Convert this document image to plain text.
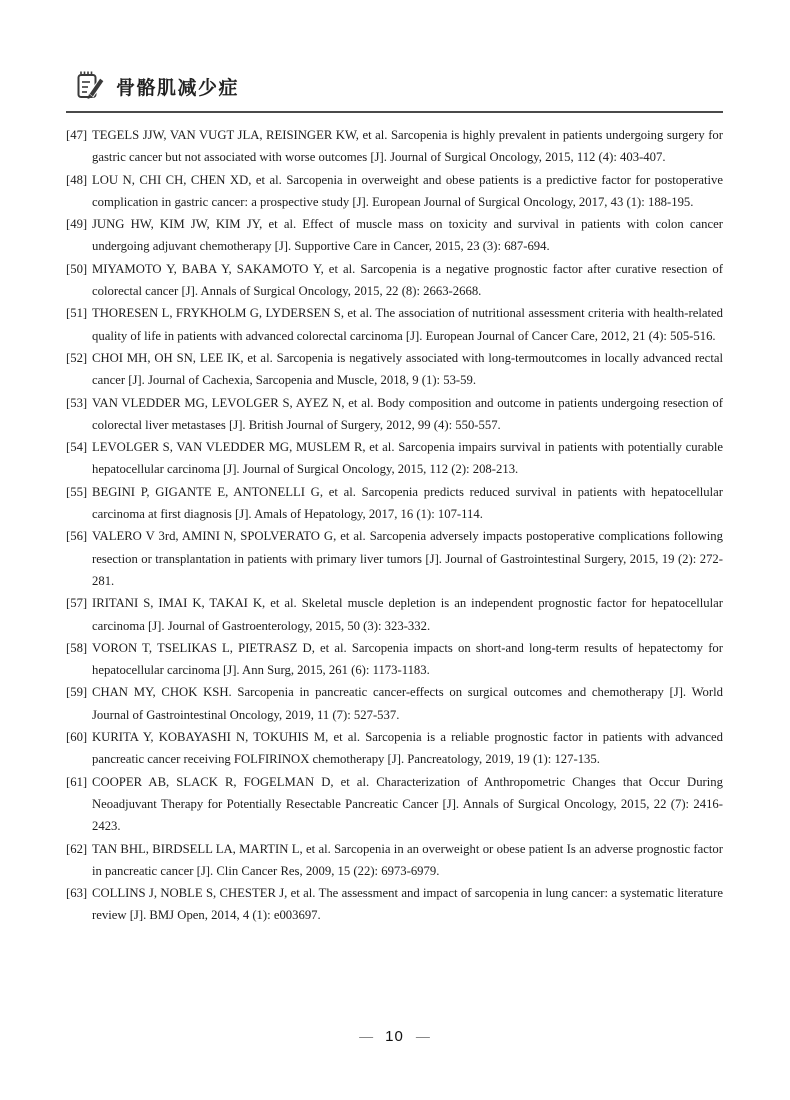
骨骼肌减少症
[47] TEGELS JJW, VAN VUGT JLA, REISINGER KW, et al. Sarcopenia is highly prevalent in patients undergoing surgery for gastric cancer but not associated with worse outcomes [J]. Journal of Surgical Oncology, 2015, 112 (4): 403-407.

[48] LOU N, CHI CH, CHEN XD, et al. Sarcopenia in overweight and obese patients is a predictive factor for postoperative complication in gastric cancer: a prospective study [J]. European Journal of Surgical Oncology, 2017, 43 (1): 188-195.

[49] JUNG HW, KIM JW, KIM JY, et al. Effect of muscle mass on toxicity and survival in patients with colon cancer undergoing adjuvant chemotherapy [J]. Supportive Care in Cancer, 2015, 23 (3): 687-694.

[50] MIYAMOTO Y, BABA Y, SAKAMOTO Y, et al. Sarcopenia is a negative prognostic factor after curative resection of colorectal cancer [J]. Annals of Surgical Oncology, 2015, 22 (8): 2663-2668.

[51] THORESEN L, FRYKHOLM G, LYDERSEN S, et al. The association of nutritional assessment criteria with health-related quality of life in patients with advanced colorectal carcinoma [J]. European Journal of Cancer Care, 2012, 21 (4): 505-516.

[52] CHOI MH, OH SN, LEE IK, et al. Sarcopenia is negatively associated with long-termoutcomes in locally advanced rectal cancer [J]. Journal of Cachexia, Sarcopenia and Muscle, 2018, 9 (1): 53-59.

[53] VAN VLEDDER MG, LEVOLGER S, AYEZ N, et al. Body composition and outcome in patients undergoing resection of colorectal liver metastases [J]. British Journal of Surgery, 2012, 99 (4): 550-557.

[54] LEVOLGER S, VAN VLEDDER MG, MUSLEM R, et al. Sarcopenia impairs survival in patients with potentially curable hepatocellular carcinoma [J]. Journal of Surgical Oncology, 2015, 112 (2): 208-213.

[55] BEGINI P, GIGANTE E, ANTONELLI G, et al. Sarcopenia predicts reduced survival in patients with hepatocellular carcinoma at first diagnosis [J]. Amals of Hepatology, 2017, 16 (1): 107-114.

[56] VALERO V 3rd, AMINI N, SPOLVERATO G, et al. Sarcopenia adversely impacts postoperative complications following resection or transplantation in patients with primary liver tumors [J]. Journal of Gastrointestinal Surgery, 2015, 19 (2): 272-281.

[57] IRITANI S, IMAI K, TAKAI K, et al. Skeletal muscle depletion is an independent prognostic factor for hepatocellular carcinoma [J]. Journal of Gastroenterology, 2015, 50 (3): 323-332.

[58] VORON T, TSELIKAS L, PIETRASZ D, et al. Sarcopenia impacts on short-and long-term results of hepatectomy for hepatocellular carcinoma [J]. Ann Surg, 2015, 261 (6): 1173-1183.

[59] CHAN MY, CHOK KSH. Sarcopenia in pancreatic cancer-effects on surgical outcomes and chemotherapy [J]. World Journal of Gastrointestinal Oncology, 2019, 11 (7): 527-537.

[60] KURITA Y, KOBAYASHI N, TOKUHIS M, et al. Sarcopenia is a reliable prognostic factor in patients with advanced pancreatic cancer receiving FOLFIRINOX chemotherapy [J]. Pancreatology, 2019, 19 (1): 127-135.

[61] COOPER AB, SLACK R, FOGELMAN D, et al. Characterization of Anthropometric Changes that Occur During Neoadjuvant Therapy for Potentially Resectable Pancreatic Cancer [J]. Annals of Surgical Oncology, 2015, 22 (7): 2416-2423.

[62] TAN BHL, BIRDSELL LA, MARTIN L, et al. Sarcopenia in an overweight or obese patient Is an adverse prognostic factor in pancreatic cancer [J]. Clin Cancer Res, 2009, 15 (22): 6973-6979.

[63] COLLINS J, NOBLE S, CHESTER J, et al. The assessment and impact of sarcopenia in lung cancer: a systematic literature review [J]. BMJ Open, 2014, 4 (1): e003697.

— 10 —
